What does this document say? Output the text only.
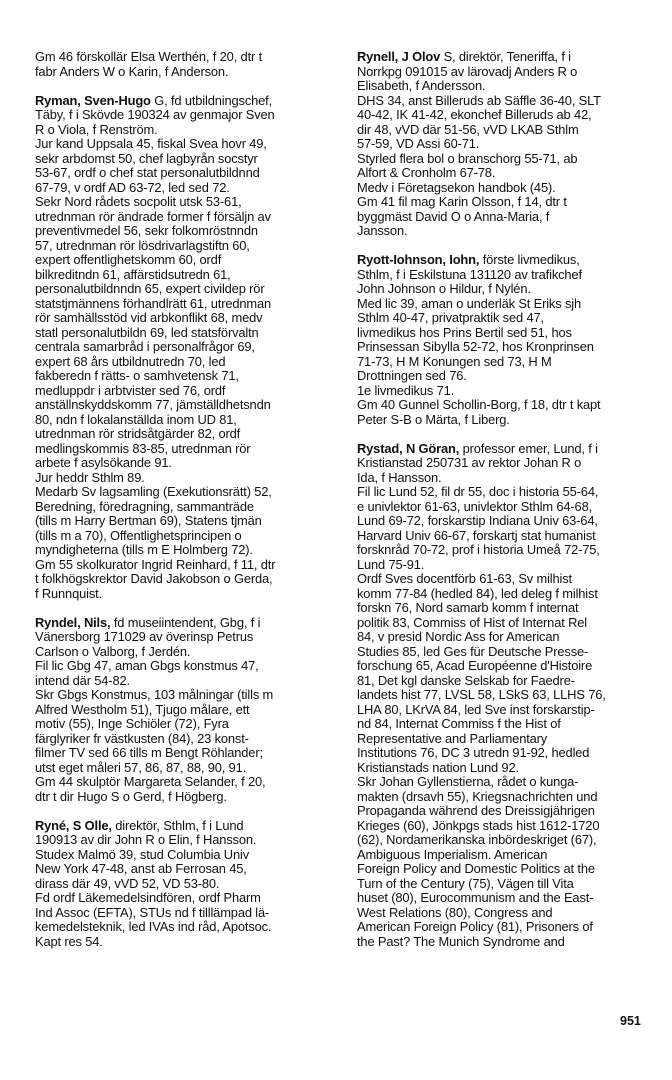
Gm 46 förskollär Elsa Werthén, f 20, dtr t
fabr Anders W o Karin, f Anderson.
Ryman, Sven-Hugo G, fd utbildningschef,
Täby, f i Skövde 190324 av genmajor Sven
R o Viola, f Renström.
Jur kand Uppsala 45, fiskal Svea hovr 49,
sekr arbdomst 50, chef lagbyrån socstyr
53-67, ordf o chef stat personalutbildnnd
67-79, v ordf AD 63-72, led sed 72.
Sekr Nord rådets socpolit utsk 53-61,
utrednman rör ändrade former f försäljn av
preventivmedel 56, sekr folkomröstnndn
57, utrednman rör lösdrivarlagstiftn 60,
expert offentlighetskomm 60, ordf
bilkreditndn 61, affärstidsutredn 61,
personalutbildnndn 65, expert civildep rör
statstjmännens förhandlrätt 61, utrednman
rör samhällsstöd vid arbkonflikt 68, medv
statl personalutbildn 69, led statsförvaltn
centrala samarbråd i personalfrågor 69,
expert 68 års utbildnutredn 70, led
fakberedn f rätts- o samhvetensk 71,
medluppdr i arbtvister sed 76, ordf
anställnskyddskomm 77, jämställdhetsndn
80, ndn f lokalanställda inom UD 81,
utrednman rör stridsåtgärder 82, ordf
medlingskommis 83-85, utrednman rör
arbete f asylsökande 91.
Jur heddr Sthlm 89.
Medarb Sv lagsamling (Exekutionsrätt) 52,
Beredning, föredragning, sammanträde
(tills m Harry Bertman 69), Statens tjmän
(tills m a 70), Offentlighetsprincipen o
myndigheterna (tills m E Holmberg 72).
Gm 55 skolkurator Ingrid Reinhard, f 11, dtr
t folkhögskrektor David Jakobson o Gerda,
f Runnquist.
Ryndel, Nils, fd museiintendent, Gbg, f i
Vänersborg 171029 av överinsp Petrus
Carlson o Valborg, f Jerdén.
Fil lic Gbg 47, aman Gbgs konstmus 47,
intend där 54-82.
Skr Gbgs Konstmus, 103 målningar (tills m
Alfred Westholm 51), Tjugo målare, ett
motiv (55), Inge Schiöler (72), Fyra
färglyriker fr västkusten (84), 23 konst-
filmer TV sed 66 tills m Bengt Röhlander;
utst eget måleri 57, 86, 87, 88, 90, 91.
Gm 44 skulptör Margareta Selander, f 20,
dtr t dir Hugo S o Gerd, f Högberg.
Ryné, S Olle, direktör, Sthlm, f i Lund
190913 av dir John R o Elin, f Hansson.
Studex Malmö 39, stud Columbia Univ
New York 47-48, anst ab Ferrosan 45,
dirass där 49, vVD 52, VD 53-80.
Fd ordf Läkemedelsindfören, ordf Pharm
Ind Assoc (EFTA), STUs nd f tilllämpad lä-
kemedelsteknik, led IVAs ind råd, Apotsoc.
Kapt res 54.
Rynell, J Olov S, direktör, Teneriffa, f i
Norrkpg 091015 av lärovadj Anders R o
Elisabeth, f Andersson.
DHS 34, anst Billeruds ab Säffle 36-40, SLT
40-42, IK 41-42, ekonchef Billeruds ab 42,
dir 48, vVD där 51-56, vVD LKAB Sthlm
57-59, VD Assi 60-71.
Styrled flera bol o branschorg 55-71, ab
Alfort & Cronholm 67-78.
Medv i Företagsekon handbok (45).
Gm 41 fil mag Karin Olsson, f 14, dtr t
byggmäst David O o Anna-Maria, f
Jansson.
Ryott-Iohnson, Iohn, förste livmedikus,
Sthlm, f i Eskilstuna 131120 av trafikchef
John Johnson o Hildur, f Nylén.
Med lic 39, aman o underläk St Eriks sjh
Sthlm 40-47, privatpraktik sed 47,
livmedikus hos Prins Bertil sed 51, hos
Prinsessan Sibylla 52-72, hos Kronprinsen
71-73, H M Konungen sed 73, H M
Drottningen sed 76.
1e livmedikus 71.
Gm 40 Gunnel Schollin-Borg, f 18, dtr t kapt
Peter S-B o Märta, f Liberg.
Rystad, N Göran, professor emer, Lund, f i
Kristianstad 250731 av rektor Johan R o
Ida, f Hansson.
Fil lic Lund 52, fil dr 55, doc i historia 55-64,
e univlektor 61-63, univlektor Sthlm 64-68,
Lund 69-72, forskarstip Indiana Univ 63-64,
Harvard Univ 66-67, forskartj stat humanist
forsknråd 70-72, prof i historia Umeå 72-75,
Lund 75-91.
Ordf Sves docentförb 61-63, Sv milhist
komm 77-84 (hedled 84), led deleg f milhist
forskn 76, Nord samarb komm f internat
politik 83, Commiss of Hist of Internat Rel
84, v presid Nordic Ass for American
Studies 85, led Ges für Deutsche Presse-
forschung 65, Acad Européenne d'Histoire
81, Det kgl danske Selskab for Faedre-
landets hist 77, LVSL 58, LSkS 63, LLHS 76,
LHA 80, LKrVA 84, led Sve inst forskarstip-
nd 84, Internat Commiss f the Hist of
Representative and Parliamentary
Institutions 76, DC 3 utredn 91-92, hedled
Kristianstads nation Lund 92.
Skr Johan Gyllenstierna, rådet o kunga-
makten (drsavh 55), Kriegsnachrichten und
Propaganda während des Dreissigjährigen
Krieges (60), Jönkpgs stads hist 1612-1720
(62), Nordamerikanska inbördeskriget (67),
Ambiguous Imperialism. American
Foreign Policy and Domestic Politics at the
Turn of the Century (75), Vägen till Vita
huset (80), Eurocommunism and the East-
West Relations (80), Congress and
American Foreign Policy (81), Prisoners of
the Past? The Munich Syndrome and
951
